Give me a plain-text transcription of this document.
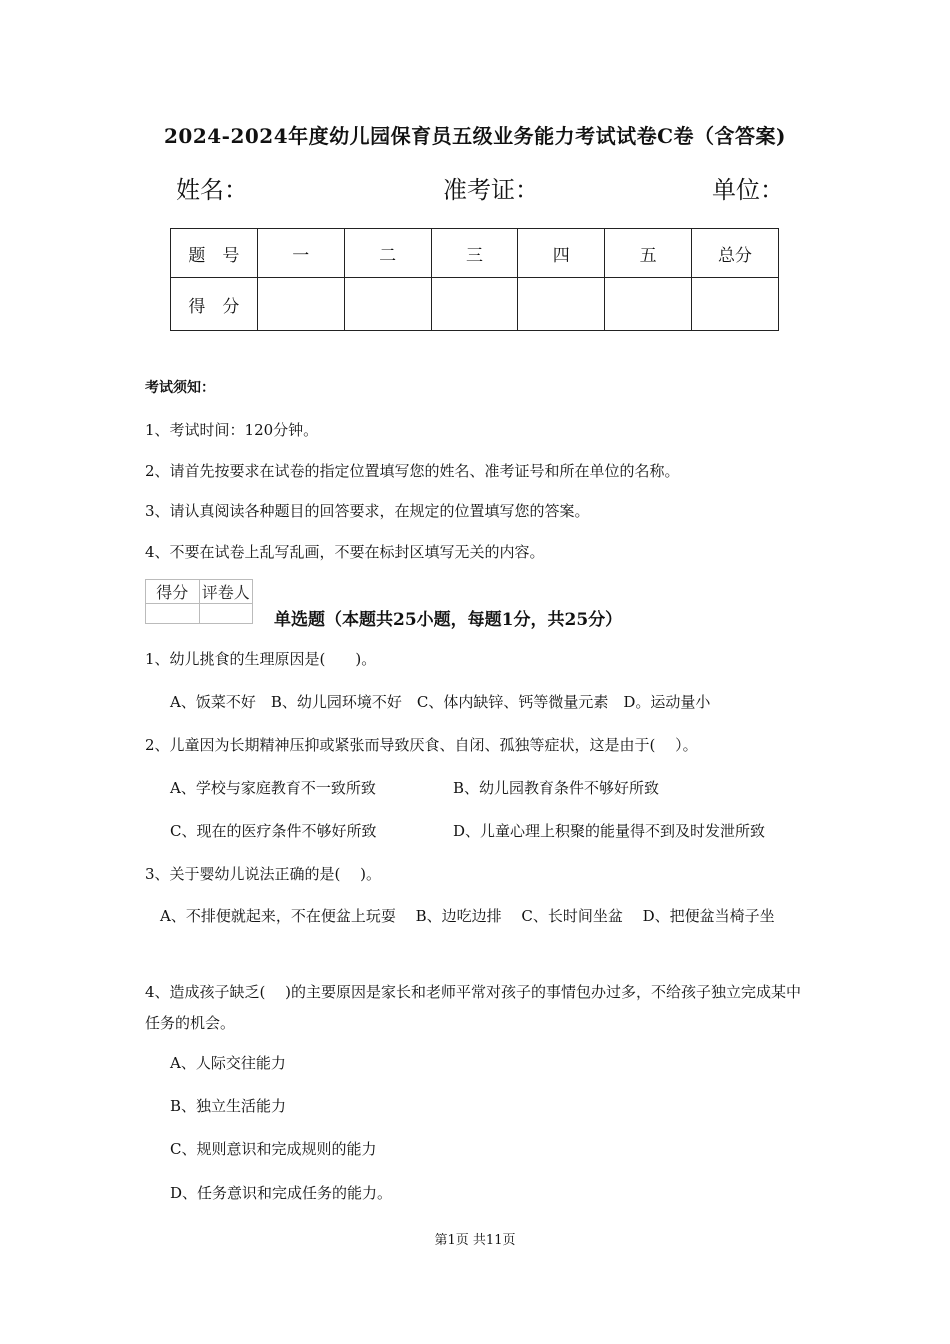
2024-2024年度幼儿园保育员五级业务能力考试试卷C卷（含答案)
姓名：	准考证：	单位：
题　号	一	二	三	四	五	总分
得　分						
考试须知：
1、考试时间：120分钟。
2、请首先按要求在试卷的指定位置填写您的姓名、准考证号和所在单位的名称。
3、请认真阅读各种题目的回答要求，在规定的位置填写您的答案。
4、不要在试卷上乱写乱画，不要在标封区填写无关的内容。
得分	评卷人

单选题（本题共25小题，每题1分，共25分）
1、幼儿挑食的生理原因是(　　)。
A、饭菜不好　B、幼儿园环境不好　C、体内缺锌、钙等微量元素　D。运动量小
2、儿童因为长期精神压抑或紧张而导致厌食、自闭、孤独等症状，这是由于(　 ）。
A、学校与家庭教育不一致所致	B、幼儿园教育条件不够好所致
C、现在的医疗条件不够好所致	D、儿童心理上积聚的能量得不到及时发泄所致
3、关于婴幼儿说法正确的是(　 )。
　A、不排便就起来，不在便盆上玩耍　 B、边吃边排　 C、长时间坐盆　 D、把便盆当椅子坐
4、造成孩子缺乏(　 )的主要原因是家长和老师平常对孩子的事情包办过多，不给孩子独立完成某中任务的机会。
A、人际交往能力
B、独立生活能力
C、规则意识和完成规则的能力
D、任务意识和完成任务的能力。
第1页 共11页
